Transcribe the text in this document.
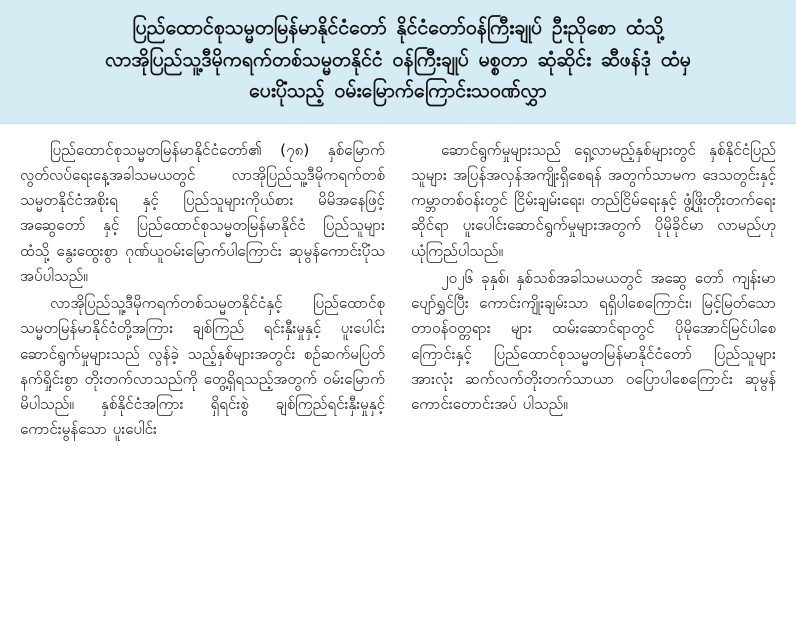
ပြည်ထောင်စုသမ္မတမြန်မာနိုင်ငံတော် နိုင်ငံတော်ဝန်ကြီးချုပ် ဦးညိုစော ထံသို့
လာအိုပြည်သူ့ဒီမိုကရက်တစ်သမ္မတနိုင်ငံ ဝန်ကြီးချုပ် မစ္စတာ ဆုံဆိုင်း ဆီဖန်ဒုံ ထံမှ
ပေးပိုံသည့် ဝမ်းမြောက်ကြောင်းသဝဏ်လွှာ

ပြည်ထောင်စုသမ္မတမြန်မာနိုင်ငံတော်၏ (၇၈) နှစ်မြောက် လွတ်လပ်ရေးနေ့အခါသမယတွင် လာအိုပြည်သူ့ဒီမိုကရက်တစ်သမ္မတနိုင်ငံအစိုးရ နှင့် ပြည်သူများကိုယ်စား မိမိအနေဖြင့် အဆွေတော် နှင့် ပြည်ထောင်စုသမ္မတမြန်မာနိုင်ငံ ပြည်သူများ ထံသို့ နွေးထွေးစွာ ဂုဏ်ယူဝမ်းမြောက်ပါကြောင်း ဆုမွန်ကောင်းပိုံသအပ်ပါသည်။

လာအိုပြည်သူ့ဒီမိုကရက်တစ်သမ္မတနိုင်ငံနှင့် ပြည်ထောင်စုသမ္မတမြန်မာနိုင်ငံတို့အကြား ချစ်ကြည် ရင်းနှီးမှုနှင့် ပူးပေါင်းဆောင်ရွက်မှုများသည် လွန်ခဲ့ သည့်နှစ်များအတွင်း စဉ်ဆက်မပြတ် နက်ရှိုင်းစွာ တိုးတက်လာသည်ကို တွေ့ရှိရသည့်အတွက် ဝမ်းမြောက်မိပါသည်။ နှစ်နိုင်ငံအကြား ရှိရင်းစွဲ ချစ်ကြည်ရင်းနှီးမှုနှင့် ကောင်းမွန်သော ပူးပေါင်း

ဆောင်ရွက်မှုများသည် ရှေ့လာမည့်နှစ်များတွင် နှစ်နိုင်ငံပြည်သူများ အပြန်အလှန်အကျိုးရှိစေရန် အတွက်သာမက ဒေသတွင်းနှင့် ကမ္ဘာတစ်ဝန်းတွင် ငြိမ်းချမ်းရေး၊ တည်ငြိမ်ရေးနှင့် ဖွံ့ဖြိုးတိုးတက်ရေး ဆိုင်ရာ ပူးပေါင်းဆောင်ရွက်မှုများအတွက် ပိုမိုခိုင်မာ လာမည်ဟု ယုံကြည်ပါသည်။

၂၀၂၆ ခုနှစ်၊ နှစ်သစ်အခါသမယတွင် အဆွေ တော် ကျန်းမာပျော်ရွှင်ပြီး ကောင်းကျိုးချမ်းသာ ရရှိပါစေကြောင်း၊ မြင့်မြတ်သောတာဝန်ဝတ္တရား များ ထမ်းဆောင်ရာတွင် ပိုမိုအောင်မြင်ပါစေ ကြောင်းနှင့် ပြည်ထောင်စုသမ္မတမြန်မာနိုင်ငံတော် ပြည်သူများအားလုံး ဆက်လက်တိုးတက်သာယာ ဝပြောပါစေကြောင်း ဆုမွန်ကောင်းတောင်းအပ် ပါသည်။
